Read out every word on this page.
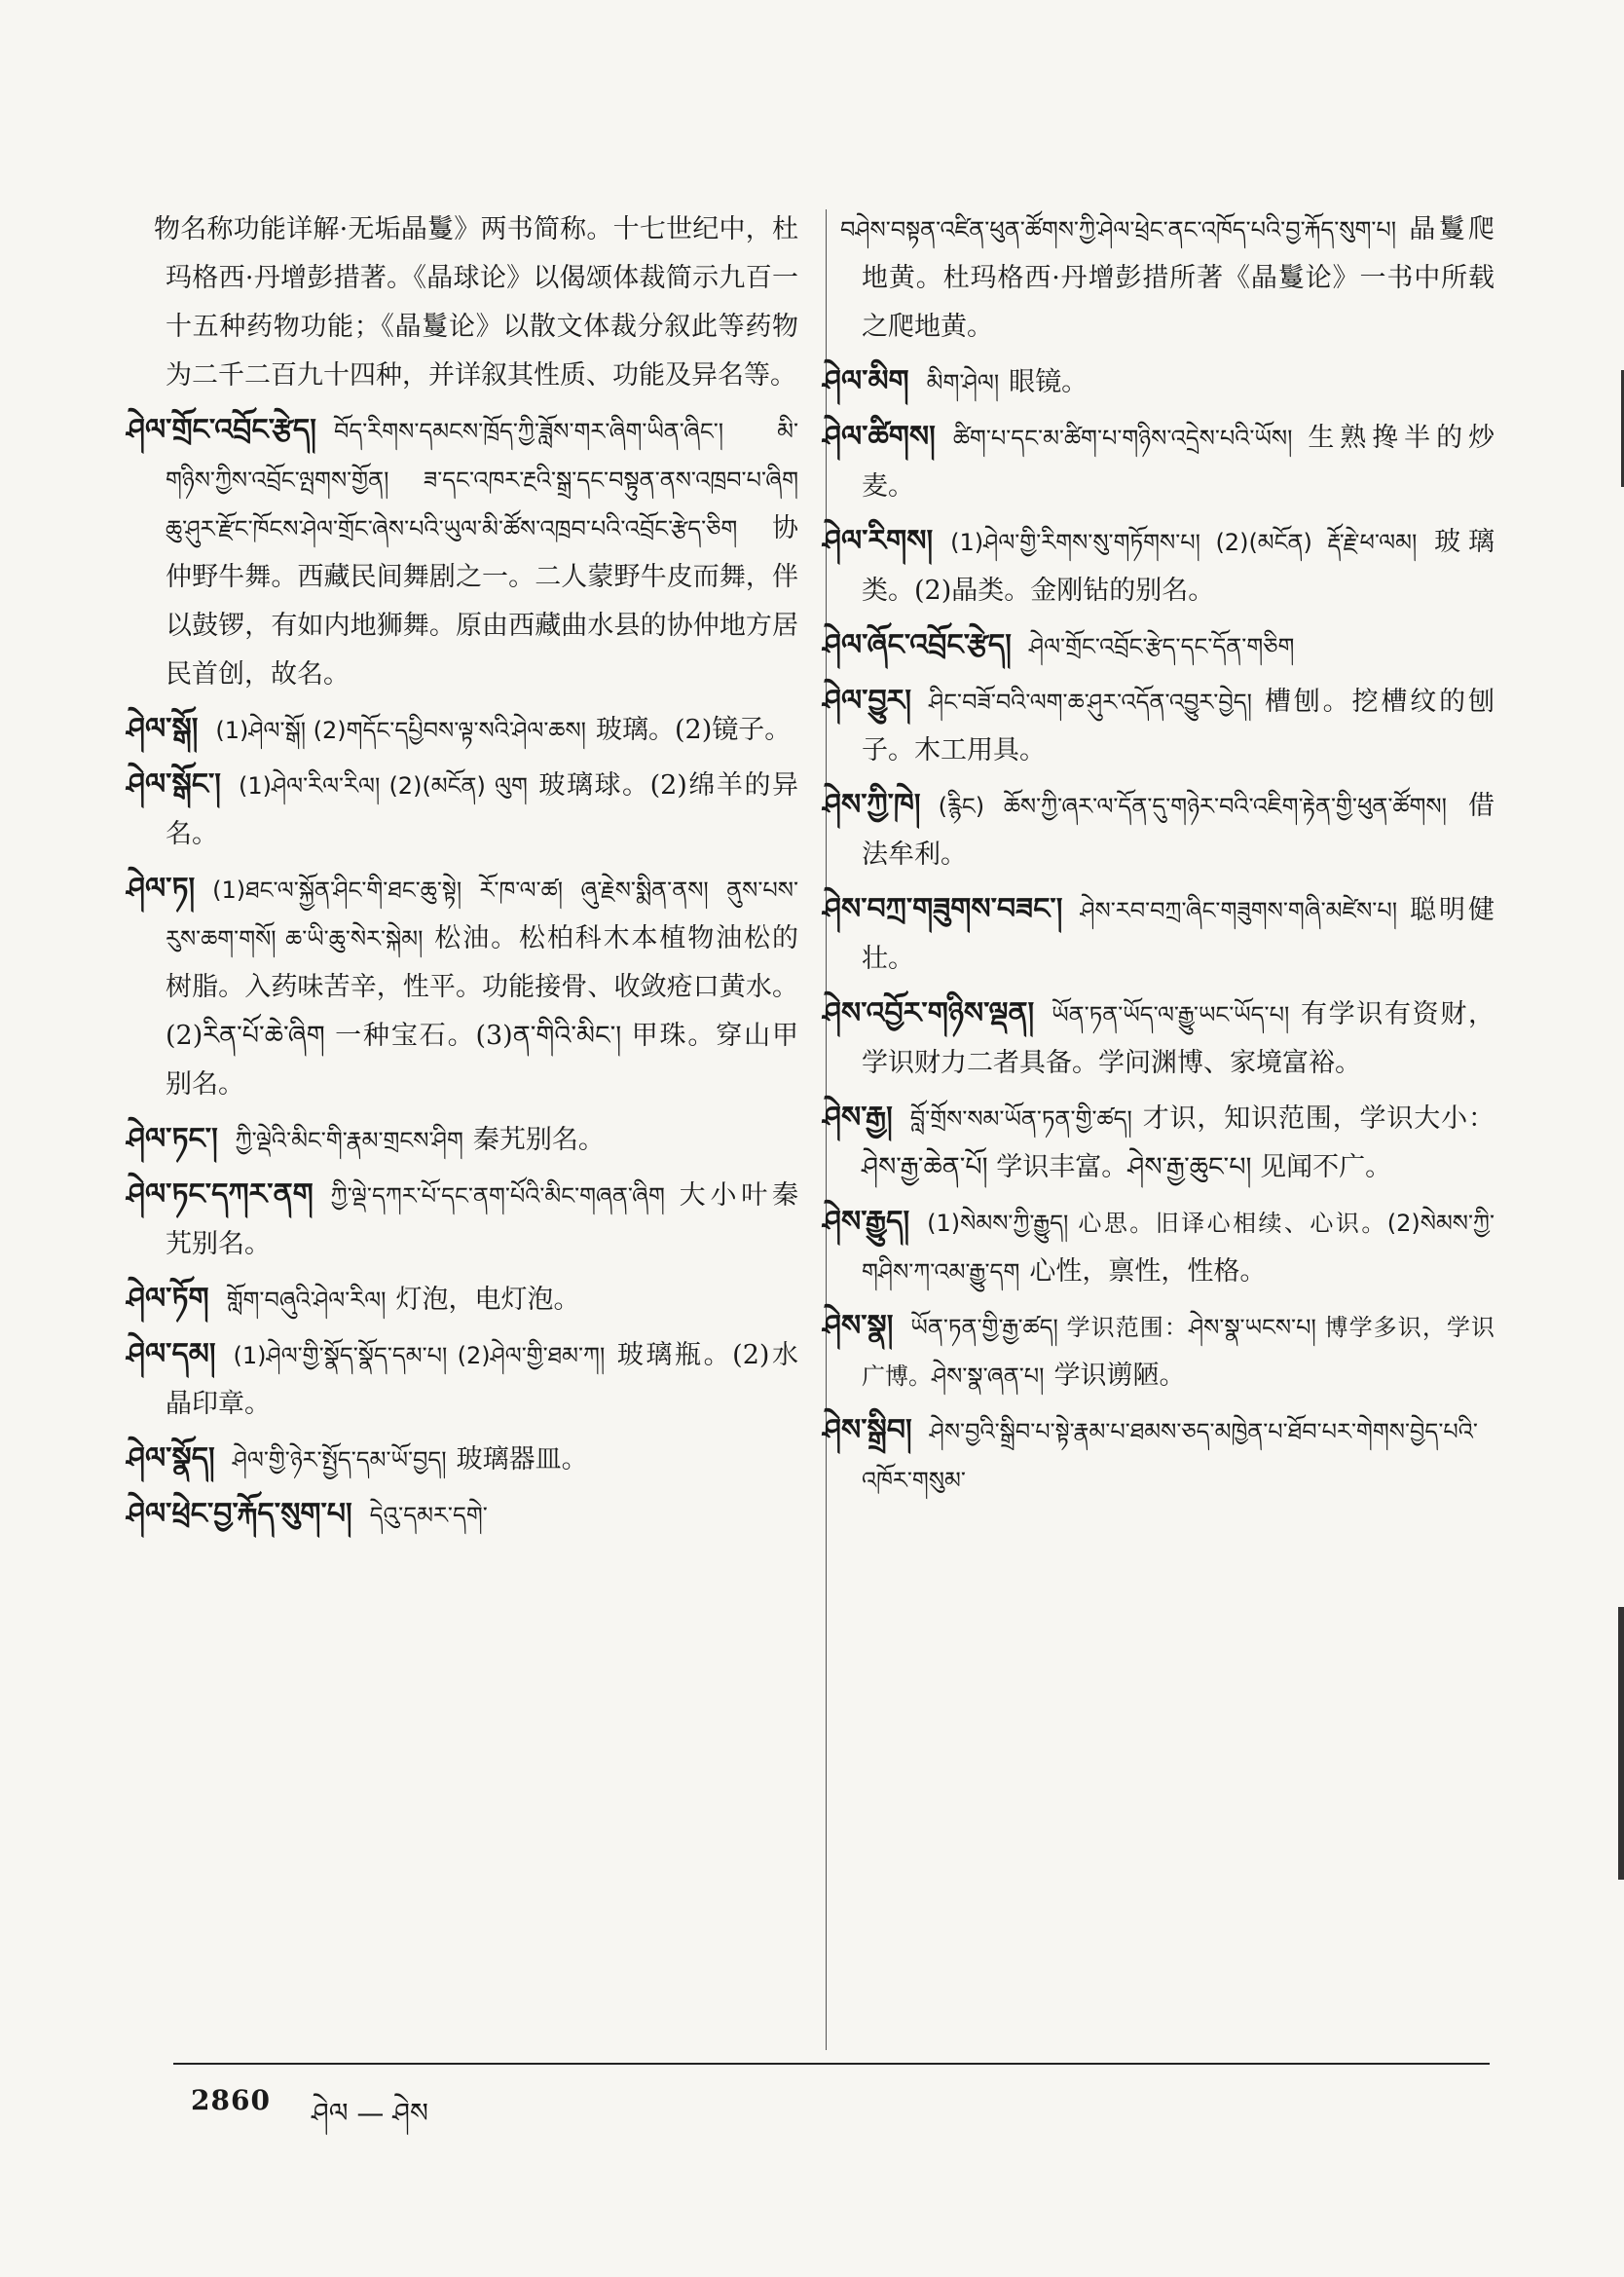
物名称功能详解·无垢晶鬘》两书简称。十七世纪中，杜玛格西·丹增彭措著。《晶球论》以偈颂体裁简示九百一十五种药物功能；《晶鬘论》以散文体裁分叙此等药物为二千二百九十四种，并详叙其性质、功能及异名等。
ཤེལ་གྲོང་འབྲོང་རྩེད། བོད་རིགས་དམངས་ཁྲོད་ཀྱི་ཟློས་གར་ཞིག་ཡིན་ཞིང་། མི་གཉིས་ཀྱིས་འབྲོང་ལྤགས་གྱོན། ཟ་དང་འཁར་རྔའི་སྒྲ་དང་བསྟུན་ནས་འཁྲབ་པ་ཞིག ཆུ་ཤུར་རྫོང་ཁོངས་ཤེལ་གྲོང་ཞེས་པའི་ཡུལ་མི་ཚོས་འཁྲབ་པའི་འབྲོང་རྩེད་ཅིག 协仲野牛舞。西藏民间舞剧之一。二人蒙野牛皮而舞，伴以鼓锣，有如内地狮舞。原由西藏曲水县的协仲地方居民首创，故名。
ཤེལ་སྒོ། (1)ཤེལ་སྒོ། (2)གདོང་དཔྱིབས་ལྟ་སའི་ཤེལ་ཆས། 玻璃。(2)镜子。
ཤེལ་སྒོང་། (1)ཤེལ་རིལ་རིལ། (2)(མངོན) ལུག 玻璃球。(2)绵羊的异名。
ཤེལ་ཏ། (1)ཐང་ལ་སྐྱོན་ཤིང་གི་ཐང་ཆུ་སྟེ། རོ་ཁ་ལ་ཚ། ཞུ་རྗེས་སྨིན་ནས། ནུས་པས་རུས་ཆག་གསོ། ཆ་ཡི་ཆུ་སེར་སྐེམ། 松油。松柏科木本植物油松的树脂。入药味苦辛，性平。功能接骨、收敛疮口黄水。(2)རིན་པོ་ཆེ་ཞིག 一种宝石。(3)ན་གིའི་མིང་། 甲珠。穿山甲别名。
ཤེལ་ཏང་། ཀྱི་ལྡེའི་མིང་གི་རྣམ་གྲངས་ཤིག 秦艽别名。
ཤེལ་ཏང་དཀར་ནག ཀྱི་ལྡེ་དཀར་པོ་དང་ནག་པོའི་མིང་གཞན་ཞིག 大小叶秦艽别名。
ཤེལ་ཏོག གློག་བཞུའི་ཤེལ་རིལ། 灯泡，电灯泡。
ཤེལ་དམ། (1)ཤེལ་གྱི་སྣོད་སྣོད་དམ་པ། (2)ཤེལ་གྱི་ཐམ་ཀ། 玻璃瓶。(2)水晶印章。
ཤེལ་སྣོད། ཤེལ་གྱི་ཉེར་སྤྱོད་དམ་ཡོ་བྱད། 玻璃器皿。
ཤེལ་ཕྲེང་བྱ་རྐོད་སུག་པ། དེའུ་དམར་དགེ་
བཤེས་བསྟན་འཛིན་ཕུན་ཚོགས་ཀྱི་ཤེལ་ཕྲེང་ནང་འཁོད་པའི་བྱ་རྐོད་སུག་པ། 晶鬘爬地黄。杜玛格西·丹增彭措所著《晶鬘论》一书中所载之爬地黄。
ཤེལ་མིག མིག་ཤེལ། 眼镜。
ཤེལ་ཚིགས། ཚིག་པ་དང་མ་ཚིག་པ་གཉིས་འདྲེས་པའི་ཡོས། 生熟搀半的炒麦。
ཤེལ་རིགས། (1)ཤེལ་གྱི་རིགས་སུ་གཏོགས་པ། (2)(མངོན) རྡོ་རྗེ་ཕ་ལམ། 玻璃类。(2)晶类。金刚钻的别名。
ཤེལ་ཞོང་འབྲོང་རྩེད། ཤེལ་གྲོང་འབྲོང་རྩེད་དང་དོན་གཅིག
ཤེལ་བྱུར། ཤིང་བཟོ་བའི་ལག་ཆ་ཤུར་འདོན་འབྱུར་བྱེད། 槽刨。挖槽纹的刨子。木工用具。
ཤེས་ཀྱི་ཁེ། (རྙིང) ཆོས་ཀྱི་ཞར་ལ་དོན་དུ་གཉེར་བའི་འཇིག་རྟེན་གྱི་ཕུན་ཚོགས། 借法牟利。
ཤེས་བཀྲ་གཟུགས་བཟང་། ཤེས་རབ་བཀྲ་ཞིང་གཟུགས་གཞི་མཛེས་པ། 聪明健壮。
ཤེས་འབྱོར་གཉིས་ལྡན། ཡོན་ཏན་ཡོད་ལ་རྒྱུ་ཡང་ཡོད་པ། 有学识有资财，学识财力二者具备。学问渊博、家境富裕。
ཤེས་རྒྱ། བློ་གྲོས་སམ་ཡོན་ཏན་གྱི་ཚད། 才识，知识范围，学识大小：ཤེས་རྒྱ་ཆེན་པོ། 学识丰富。ཤེས་རྒྱ་ཆུང་པ། 见闻不广。
ཤེས་རྒྱུད། (1)སེམས་ཀྱི་རྒྱུད། 心思。旧译心相续、心识。(2)སེམས་ཀྱི་གཤིས་ཀ་འམ་རྒྱུ་དག 心性，禀性，性格。
ཤེས་སྣ། ཡོན་ཏན་གྱི་རྒྱ་ཚད། 学识范围：ཤེས་སྣ་ཡངས་པ། 博学多识，学识广博。ཤེས་སྣ་ཞན་པ། 学识谫陋。
ཤེས་སྒྲིབ། ཤེས་བྱའི་སྒྲིབ་པ་སྟེ་རྣམ་པ་ཐམས་ཅད་མཁྱེན་པ་ཐོབ་པར་གེགས་བྱེད་པའི་འཁོར་གསུམ་
2860 ཤེལ — ཤེས
